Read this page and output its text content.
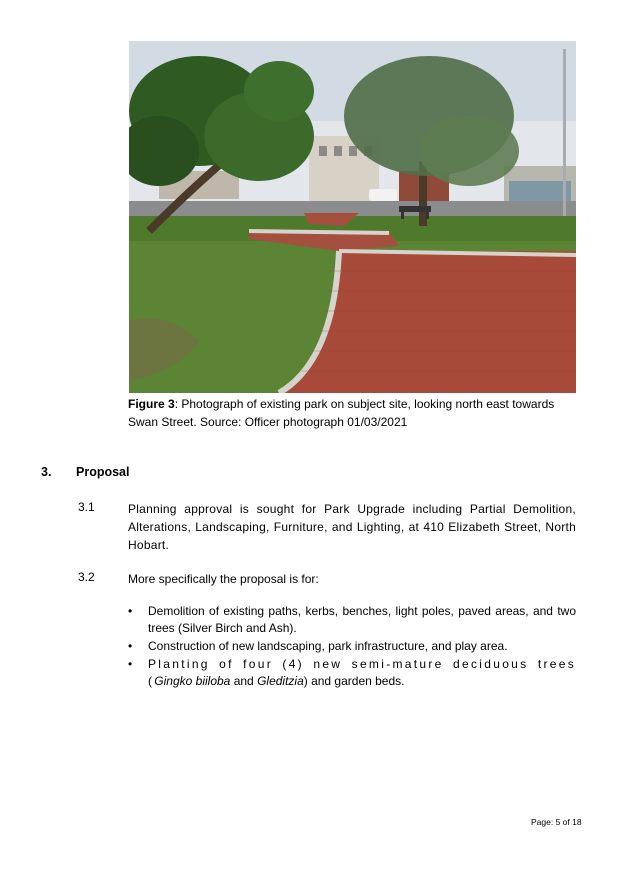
Figure 3: Photograph of existing park on subject site, looking north east towards Swan Street. Source: Officer photograph 01/03/2021
3. Proposal
3.1	Planning approval is sought for Park Upgrade including Partial Demolition, Alterations, Landscaping, Furniture, and Lighting, at 410 Elizabeth Street, North Hobart.
3.2	More specifically the proposal is for:
• Demolition of existing paths, kerbs, benches, light poles, paved areas, and two trees (Silver Birch and Ash).
• Construction of new landscaping, park infrastructure, and play area.
• Planting of four (4) new semi-mature deciduous trees (Gingko biiloba and Gleditzia) and garden beds.
Page: 5 of 18
